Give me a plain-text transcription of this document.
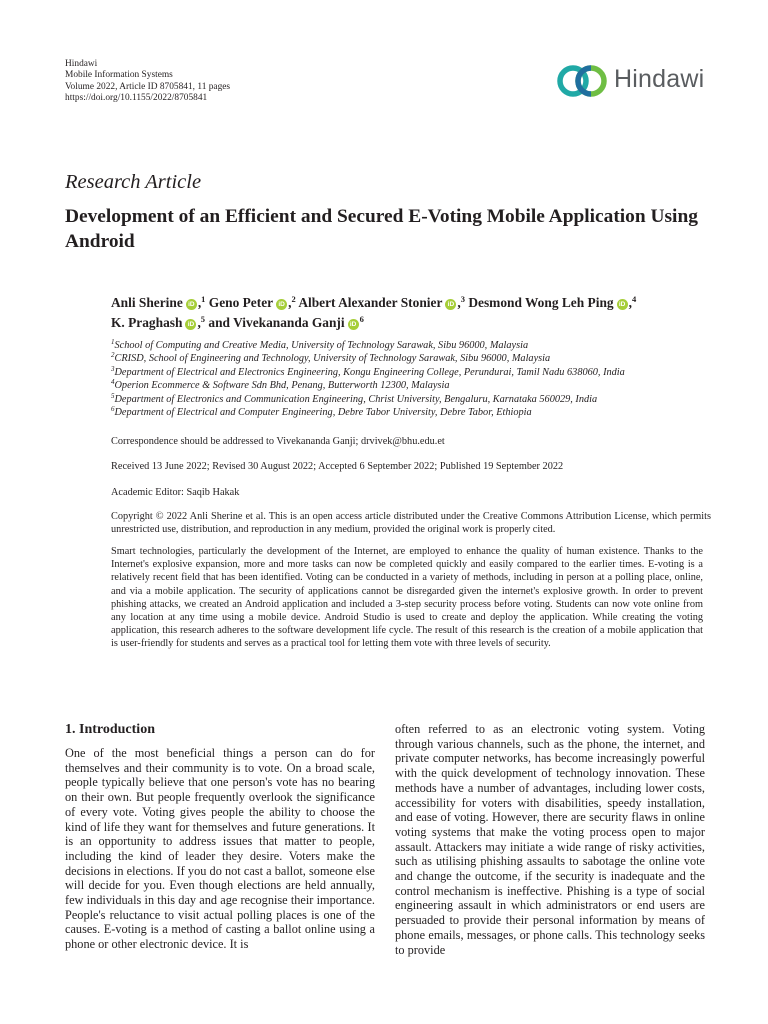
Hindawi
Mobile Information Systems
Volume 2022, Article ID 8705841, 11 pages
https://doi.org/10.1155/2022/8705841
Hindawi
Research Article
Development of an Efficient and Secured E-Voting Mobile Application Using Android
Anli Sherine iD ,$^1$ Geno Peter iD ,$^2$ Albert Alexander Stonier iD ,$^3$ Desmond Wong Leh Ping iD ,$^4$
K. Praghash iD ,$^5$ and Vivekananda Ganji $iD^6$
$^1$School of Computing and Creative Media, University of Technology Sarawak, Sibu 96000, Malaysia
$^2$CRISD, School of Engineering and Technology, University of Technology Sarawak, Sibu 96000, Malaysia
$^3$Department of Electrical and Electronics Engineering, Kongu Engineering College, Perundurai, Tamil Nadu 638060, India
$^4$Operion Ecommerce & Software Sdn Bhd, Penang, Butterworth 12300, Malaysia
$^5$Department of Electronics and Communication Engineering, Christ University, Bengaluru, Karnataka 560029, India
$^6$Department of Electrical and Computer Engineering, Debre Tabor University, Debre Tabor, Ethiopia
Correspondence should be addressed to Vivekananda Ganji; drvivek@bhu.edu.et
Received 13 June 2022; Revised 30 August 2022; Accepted 6 September 2022; Published 19 September 2022
Academic Editor: Saqib Hakak
Copyright © 2022 Anli Sherine et al. This is an open access article distributed under the Creative Commons Attribution License, which permits unrestricted use, distribution, and reproduction in any medium, provided the original work is properly cited.
Smart technologies, particularly the development of the Internet, are employed to enhance the quality of human existence. Thanks to the Internet's explosive expansion, more and more tasks can now be completed quickly and easily compared to the earlier times. E-voting is a relatively recent field that has been identified. Voting can be conducted in a variety of methods, including in person at a polling place, online, and via a mobile application. The security of applications cannot be disregarded given the internet's explosive growth. In order to prevent phishing attacks, we created an Android application and included a 3-step security process before voting. Students can now vote online from any location at any time using a mobile device. Android Studio is used to create and deploy the application. While creating the voting application, this research adheres to the software development life cycle. The result of this research is the creation of a mobile application that is user-friendly for students and serves as a practical tool for letting them vote with three levels of security.
1. Introduction
One of the most beneficial things a person can do for themselves and their community is to vote. On a broad scale, people typically believe that one person's vote has no bearing on their own. But people frequently overlook the significance of every vote. Voting gives people the ability to choose the kind of life they want for themselves and future generations. It is an opportunity to address issues that matter to people, including the kind of leader they desire. Voters make the decisions in elections. If you do not cast a ballot, someone else will decide for you. Even though elections are held annually, few individuals in this day and age recognise their importance. People's reluctance to visit actual polling places is one of the causes. E-voting is a method of casting a ballot online using a phone or other electronic device. It is
often referred to as an electronic voting system. Voting through various channels, such as the phone, the internet, and private computer networks, has become increasingly powerful with the quick development of technology innovation. These methods have a number of advantages, including lower costs, accessibility for voters with disabilities, speedy installation, and ease of voting. However, there are security flaws in online voting systems that make the voting process open to major assault. Attackers may initiate a wide range of risky activities, such as utilising phishing assaults to sabotage the online vote and change the outcome, if the security is inadequate and the control mechanism is ineffective. Phishing is a type of social engineering assault in which administrators or end users are persuaded to provide their personal information by means of phone emails, messages, or phone calls. This technology seeks to provide
